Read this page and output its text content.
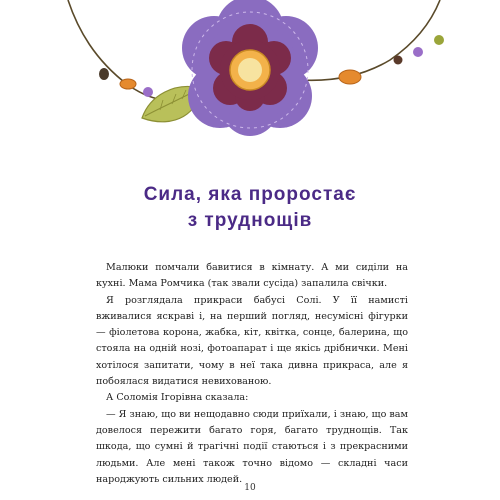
Сила, яка проростає
з труднощів

Малюки помчали бавитися в кімнату. А ми сиділи на кухні. Мама Ромчика (так звали сусіда) запалила свічки.

Я розглядала прикраси бабусі Солі. У її намисті вживалися яскраві і, на перший погляд, несумісні фігурки — фіолетова корона, жабка, кіт, квітка, сонце, балерина, що стояла на одній нозі, фотоапарат і ще якісь дрібнички. Мені хотілося запитати, чому в неї така дивна прикраса, але я побоялася видатися невихованою.

А Соломія Ігорівна сказала:

— Я знаю, що ви нещодавно сюди приїхали, і знаю, що вам довелося пережити багато горя, багато труднощів. Так шкода, що сумні й трагічні події стаються і з прекрасними людьми. Але мені також точно відомо — складні часи народжують сильних людей.

10
